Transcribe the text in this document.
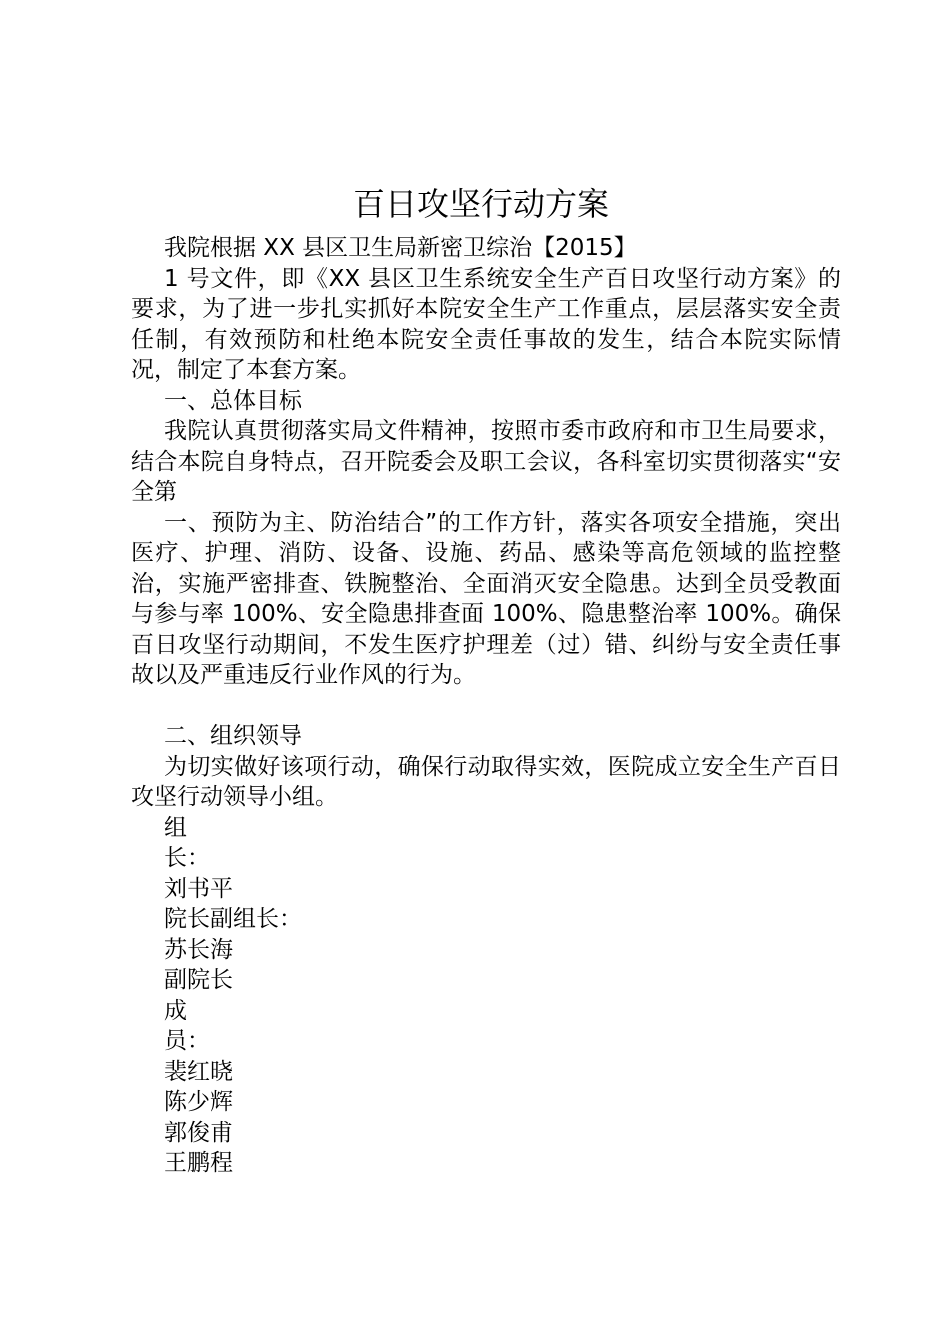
百日攻坚行动方案

我院根据 XX 县区卫生局新密卫综治【2015】

1 号文件，即《XX 县区卫生系统安全生产百日攻坚行动方案》的要求，为了进一步扎实抓好本院安全生产工作重点，层层落实安全责任制，有效预防和杜绝本院安全责任事故的发生，结合本院实际情况，制定了本套方案。

一、总体目标

我院认真贯彻落实局文件精神，按照市委市政府和市卫生局要求，结合本院自身特点，召开院委会及职工会议，各科室切实贯彻落实“安全第

一、预防为主、防治结合”的工作方针，落实各项安全措施，突出医疗、护理、消防、设备、设施、药品、感染等高危领域的监控整治，实施严密排查、铁腕整治、全面消灭安全隐患。达到全员受教面与参与率 100%、安全隐患排查面 100%、隐患整治率 100%。确保百日攻坚行动期间，不发生医疗护理差（过）错、纠纷与安全责任事故以及严重违反行业作风的行为。

二、组织领导

为切实做好该项行动，确保行动取得实效，医院成立安全生产百日攻坚行动领导小组。

组

长：

刘书平

院长副组长：

苏长海

副院长

成

员：

裴红晓

陈少辉

郭俊甫

王鹏程
